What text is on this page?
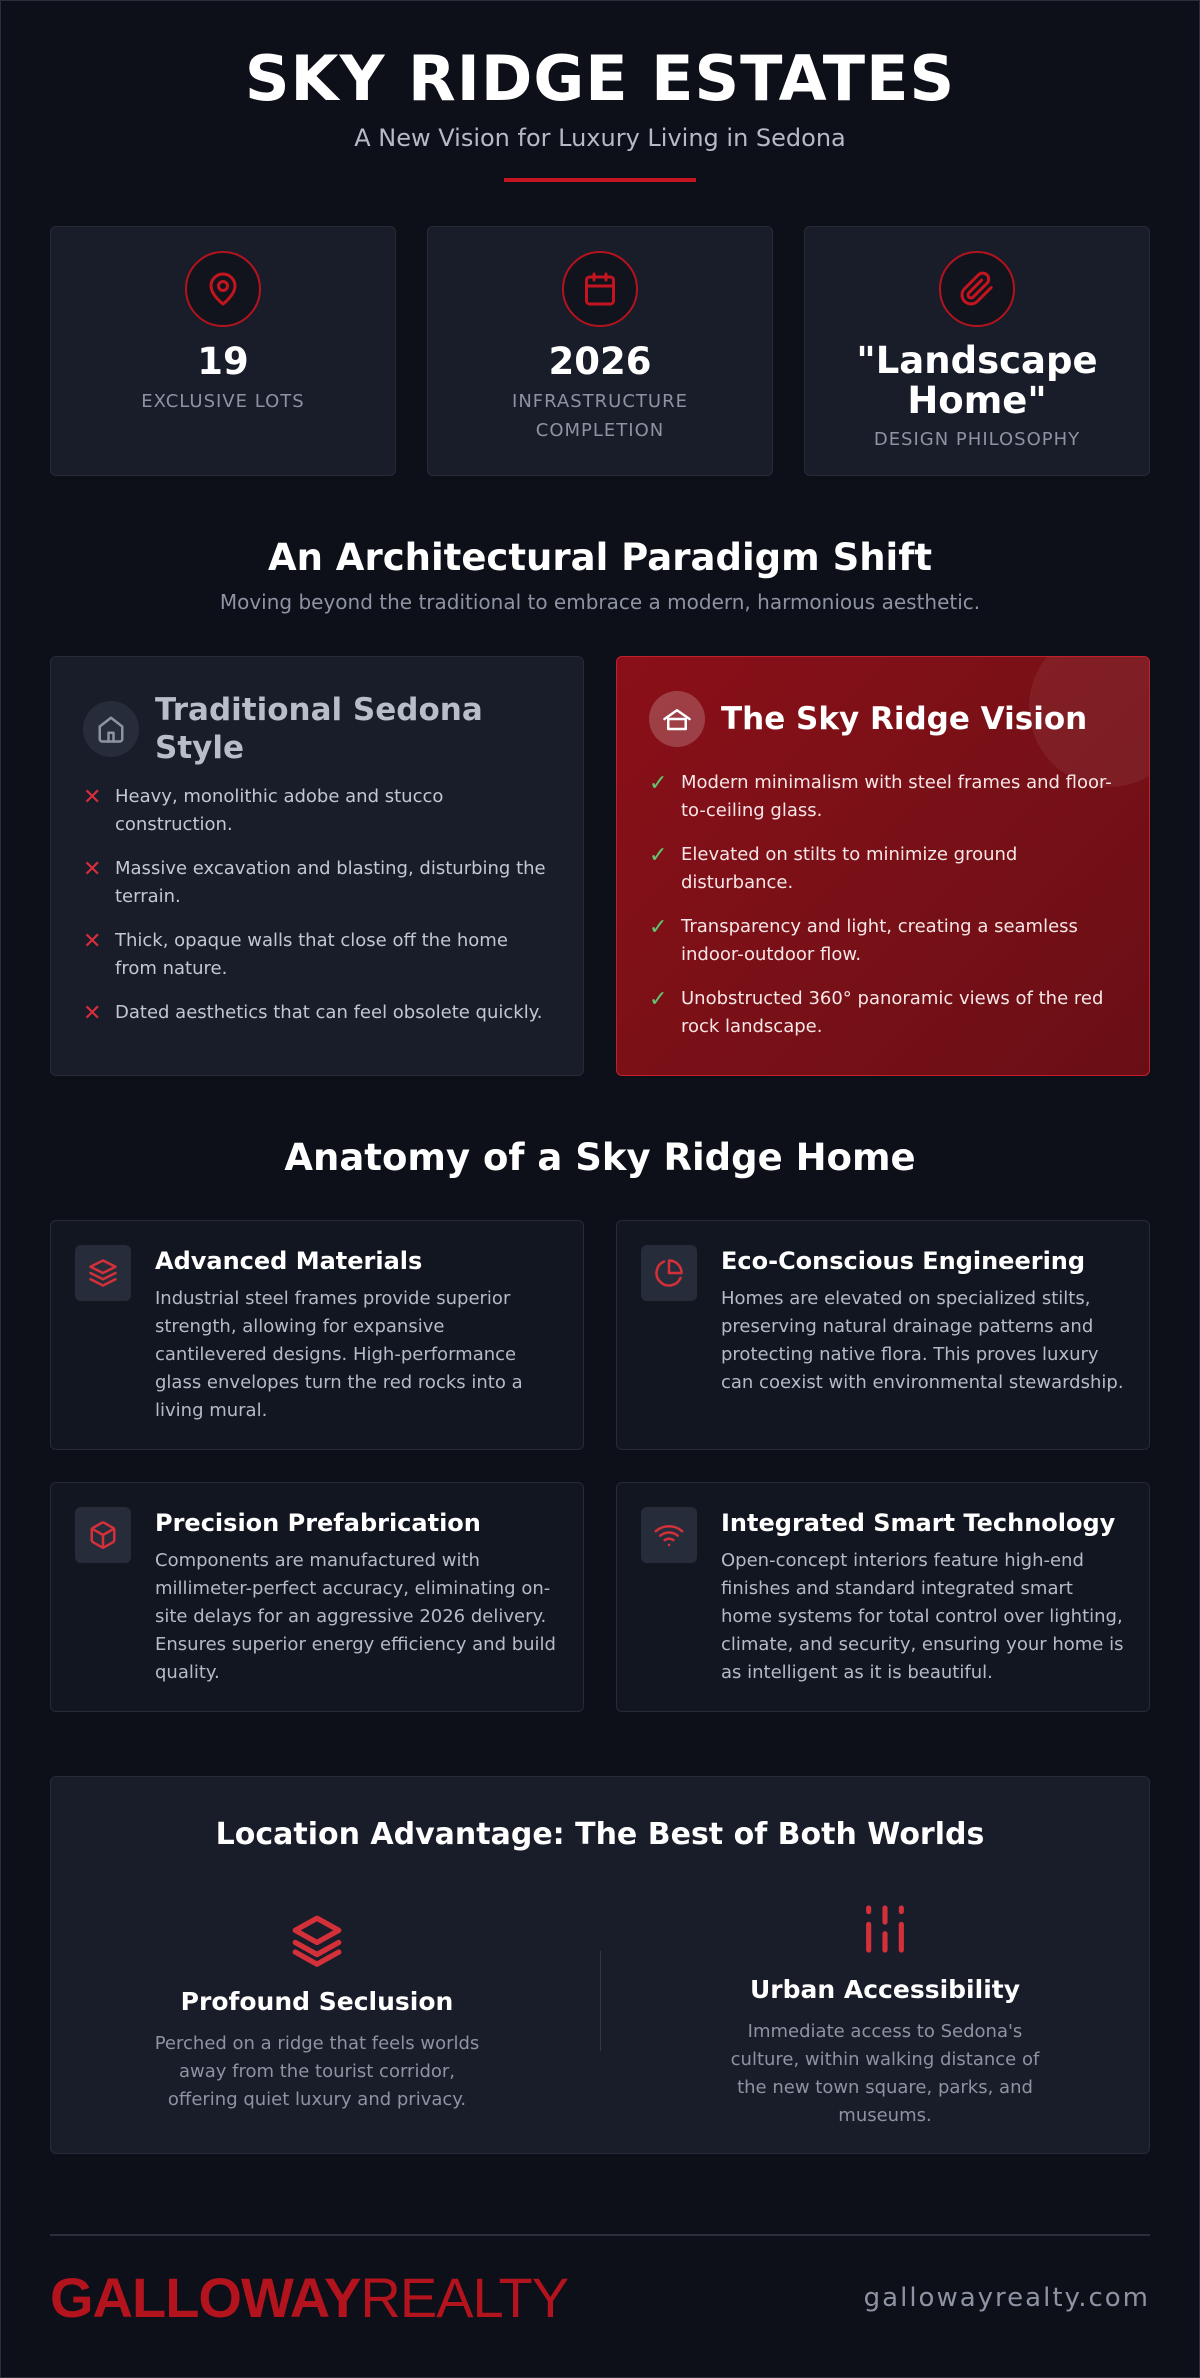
SKY RIDGE ESTATES
A New Vision for Luxury Living in Sedona
19
EXCLUSIVE LOTS
2026
INFRASTRUCTURE COMPLETION
"Landscape Home"
DESIGN PHILOSOPHY
An Architectural Paradigm Shift
Moving beyond the traditional to embrace a modern, harmonious aesthetic.
Traditional Sedona Style
✕ Heavy, monolithic adobe and stucco construction.
✕ Massive excavation and blasting, disturbing the terrain.
✕ Thick, opaque walls that close off the home from nature.
✕ Dated aesthetics that can feel obsolete quickly.
The Sky Ridge Vision
✓ Modern minimalism with steel frames and floor-to-ceiling glass.
✓ Elevated on stilts to minimize ground disturbance.
✓ Transparency and light, creating a seamless indoor-outdoor flow.
✓ Unobstructed 360° panoramic views of the red rock landscape.
Anatomy of a Sky Ridge Home
Advanced Materials
Industrial steel frames provide superior strength, allowing for expansive cantilevered designs. High-performance glass envelopes turn the red rocks into a living mural.
Eco-Conscious Engineering
Homes are elevated on specialized stilts, preserving natural drainage patterns and protecting native flora. This proves luxury can coexist with environmental stewardship.
Precision Prefabrication
Components are manufactured with millimeter-perfect accuracy, eliminating on-site delays for an aggressive 2026 delivery. Ensures superior energy efficiency and build quality.
Integrated Smart Technology
Open-concept interiors feature high-end finishes and standard integrated smart home systems for total control over lighting, climate, and security, ensuring your home is as intelligent as it is beautiful.
Location Advantage: The Best of Both Worlds
Profound Seclusion
Perched on a ridge that feels worlds away from the tourist corridor, offering quiet luxury and privacy.
Urban Accessibility
Immediate access to Sedona's culture, within walking distance of the new town square, parks, and museums.
GALLOWAYREALTY	gallowayrealty.com
